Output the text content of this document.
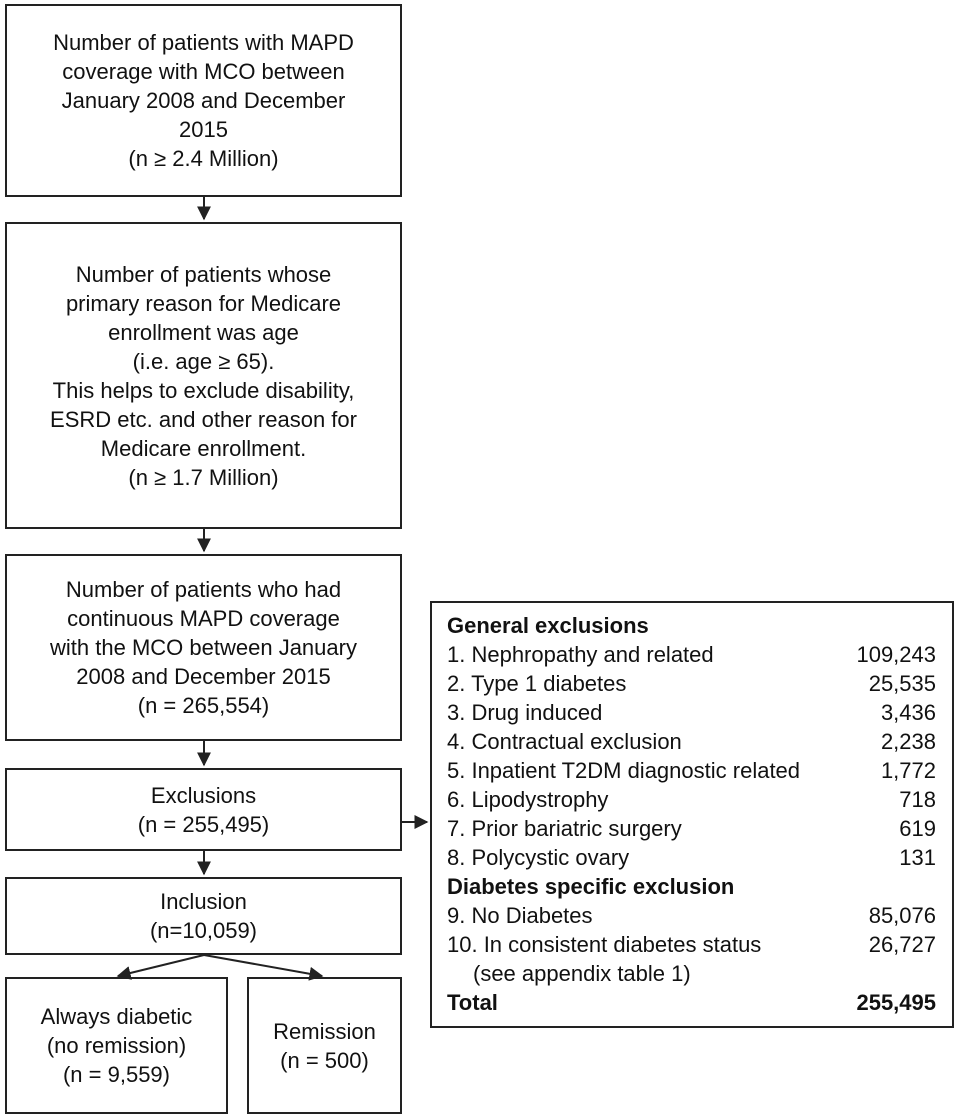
Number of patients with MAPD
coverage with MCO between
January 2008 and December
2015
(n ≥ 2.4 Million)
Number of patients whose
primary reason for Medicare
enrollment was age
(i.e. age ≥ 65).
This helps to exclude disability,
ESRD etc. and other reason for
Medicare enrollment.
(n ≥ 1.7 Million)
Number of patients who had
continuous MAPD coverage
with the MCO between January
2008 and December 2015
(n = 265,554)
Exclusions
(n = 255,495)
Inclusion
(n=10,059)
Always diabetic
(no remission)
(n = 9,559)
Remission
(n = 500)
General exclusions
1. Nephropathy and related	109,243
2. Type 1 diabetes	25,535
3. Drug induced	3,436
4. Contractual exclusion	2,238
5. Inpatient T2DM diagnostic related	1,772
6. Lipodystrophy	718
7. Prior bariatric surgery	619
8. Polycystic ovary	131
Diabetes specific exclusion
9. No Diabetes	85,076
10. In consistent diabetes status	26,727
(see appendix table 1)
Total	255,495
